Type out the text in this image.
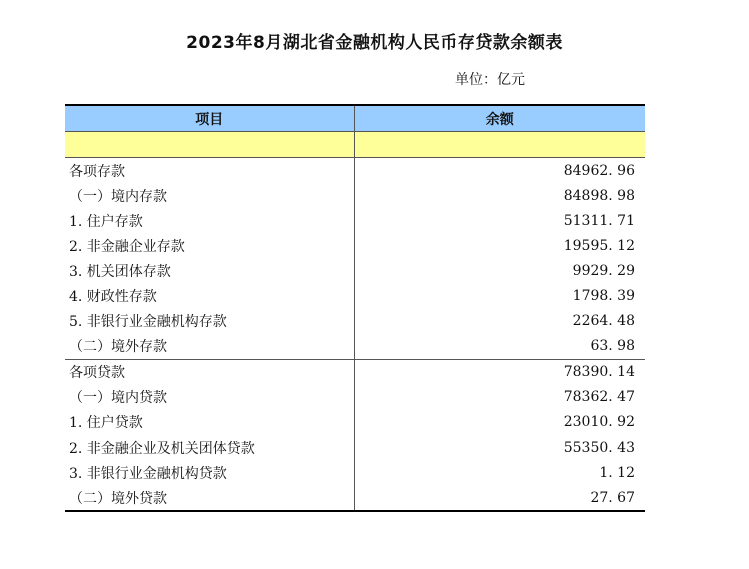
2023年8月湖北省金融机构人民币存贷款余额表
单位：亿元
项目	余额

各项存款	84962. 96
（一）境内存款	84898. 98
1. 住户存款	51311. 71
2. 非金融企业存款	19595. 12
3. 机关团体存款	9929. 29
4. 财政性存款	1798. 39
5. 非银行业金融机构存款	2264. 48
（二）境外存款	63. 98
各项贷款	78390. 14
（一）境内贷款	78362. 47
1. 住户贷款	23010. 92
2. 非金融企业及机关团体贷款	55350. 43
3. 非银行业金融机构贷款	1. 12
（二）境外贷款	27. 67
